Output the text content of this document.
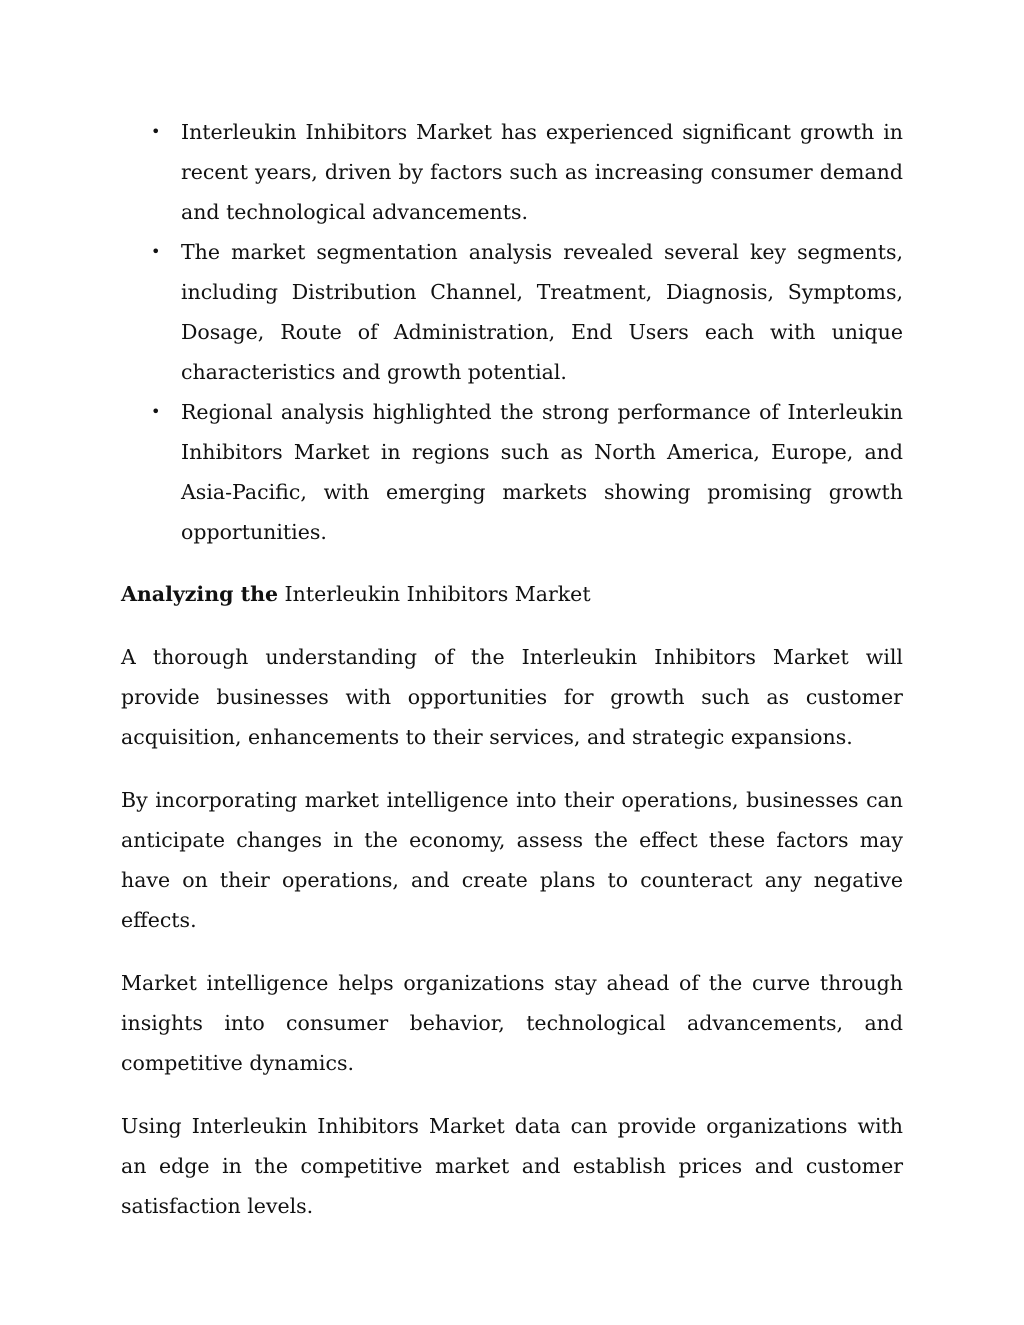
• Interleukin Inhibitors Market has experienced significant growth in recent years, driven by factors such as increasing consumer demand and technological advancements.
• The market segmentation analysis revealed several key segments, including Distribution Channel, Treatment, Diagnosis, Symptoms, Dosage, Route of Administration, End Users each with unique characteristics and growth potential.
• Regional analysis highlighted the strong performance of Interleukin Inhibitors Market in regions such as North America, Europe, and Asia-Pacific, with emerging markets showing promising growth opportunities.
Analyzing the Interleukin Inhibitors Market

A thorough understanding of the Interleukin Inhibitors Market will provide businesses with opportunities for growth such as customer acquisition, enhancements to their services, and strategic expansions.

By incorporating market intelligence into their operations, businesses can anticipate changes in the economy, assess the effect these factors may have on their operations, and create plans to counteract any negative effects.

Market intelligence helps organizations stay ahead of the curve through insights into consumer behavior, technological advancements, and competitive dynamics.

Using Interleukin Inhibitors Market data can provide organizations with an edge in the competitive market and establish prices and customer satisfaction levels.
